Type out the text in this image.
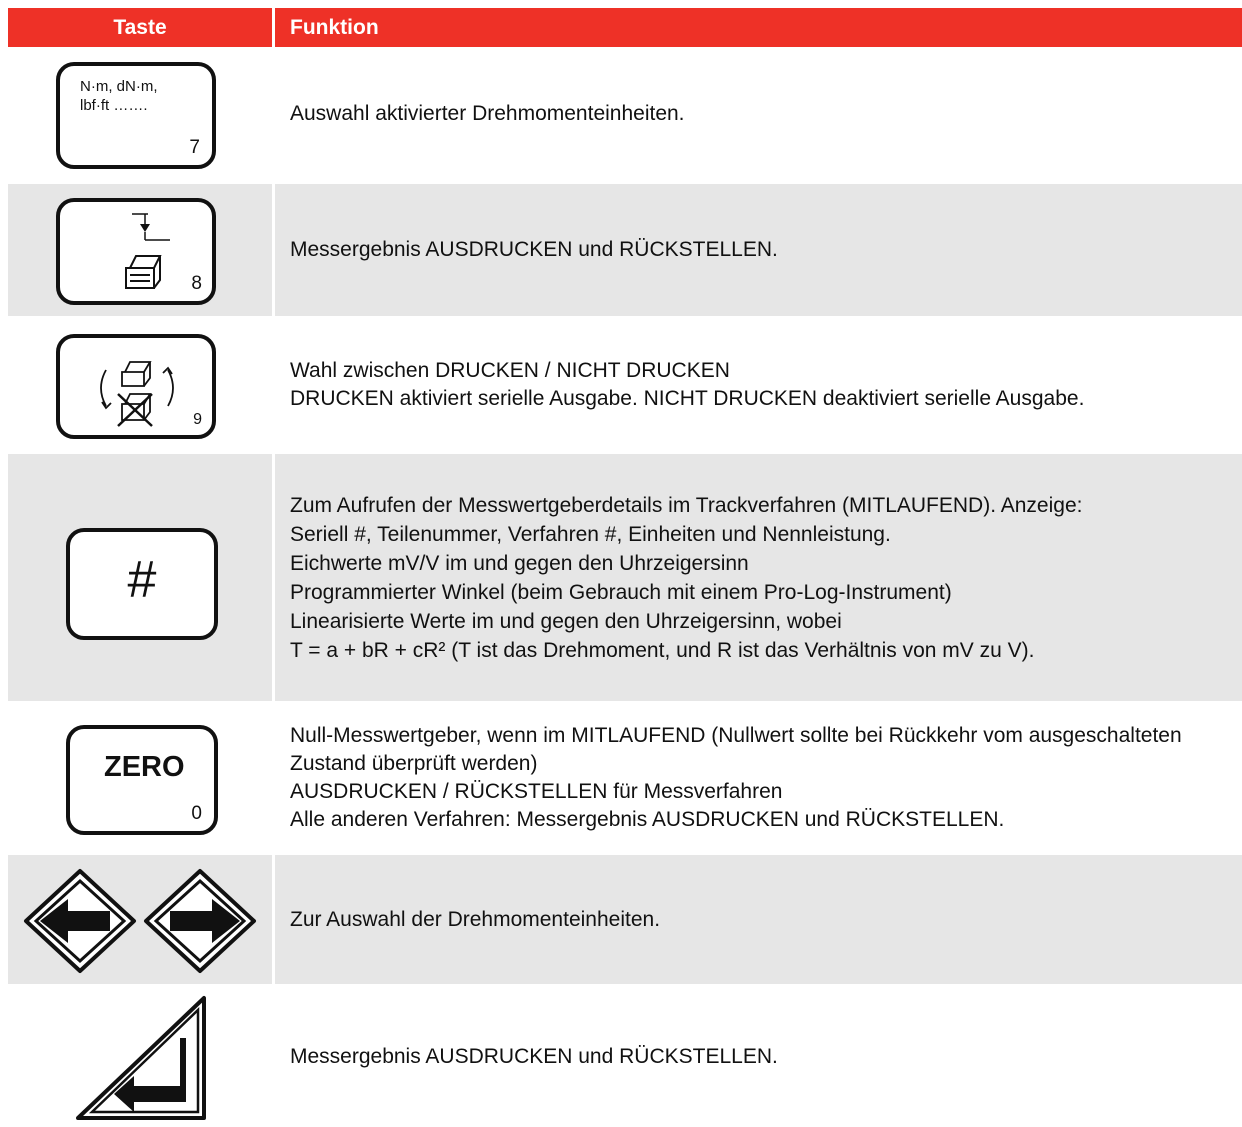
Taste	Funktion
N·m, dN·m,
lbf·ft …….
7
Auswahl aktivierter Drehmomenteinheiten.
8
Messergebnis AUSDRUCKEN und RÜCKSTELLEN.
9
Wahl zwischen DRUCKEN / NICHT DRUCKEN
DRUCKEN aktiviert serielle Ausgabe. NICHT DRUCKEN deaktiviert serielle Ausgabe.
#
Zum Aufrufen der Messwertgeberdetails im Trackverfahren (MITLAUFEND). Anzeige:
Seriell #, Teilenummer, Verfahren #, Einheiten und Nennleistung.
Eichwerte mV/V im und gegen den Uhrzeigersinn
Programmierter Winkel (beim Gebrauch mit einem Pro-Log-Instrument)
Linearisierte Werte im und gegen den Uhrzeigersinn, wobei
T = a + bR + cR² (T ist das Drehmoment, und R ist das Verhältnis von mV zu V).
ZERO
0
Null-Messwertgeber, wenn im MITLAUFEND (Nullwert sollte bei Rückkehr vom ausgeschalteten Zustand überprüft werden)
AUSDRUCKEN / RÜCKSTELLEN für Messverfahren
Alle anderen Verfahren: Messergebnis AUSDRUCKEN und RÜCKSTELLEN.
Zur Auswahl der Drehmomenteinheiten.
Messergebnis AUSDRUCKEN und RÜCKSTELLEN.
